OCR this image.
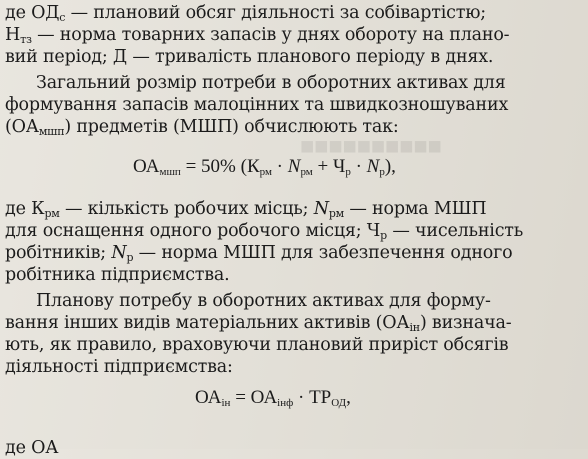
■■■■■■■■■■
де $ОД_с$ — плановий обсяг діяльності за собівартістю;
$Н_{тз}$ — норма товарних запасів у днях обороту на плано-
вий період; Д — тривалість планового періоду в днях.
Загальний розмір потреби в оборотних активах для
формування запасів малоцінних та швидкозношуваних
$(ОА_{мшп})$ предметів (МШП) обчислюють так:
$ОА_{мшп} = 50\%$ $(К_{рм} \cdot N_{рм} + Ч_р \cdot N_р)$,
де $К_{рм}$ — кількість робочих місць; $N_{рм}$ — норма МШП
для оснащення одного робочого місця; $Ч_р$ — чисельність
робітників; $N_р$ — норма МШП для забезпечення одного
робітника підприємства.
Планову потребу в оборотних активах для форму-
вання інших видів матеріальних активів $(ОА_{ін})$ визнача-
ють, як правило, враховуючи плановий приріст обсягів
діяльності підприємства:
$ОА_{ін} = ОА_{інф} \cdot ТР_{ОД}$,
де ОА
